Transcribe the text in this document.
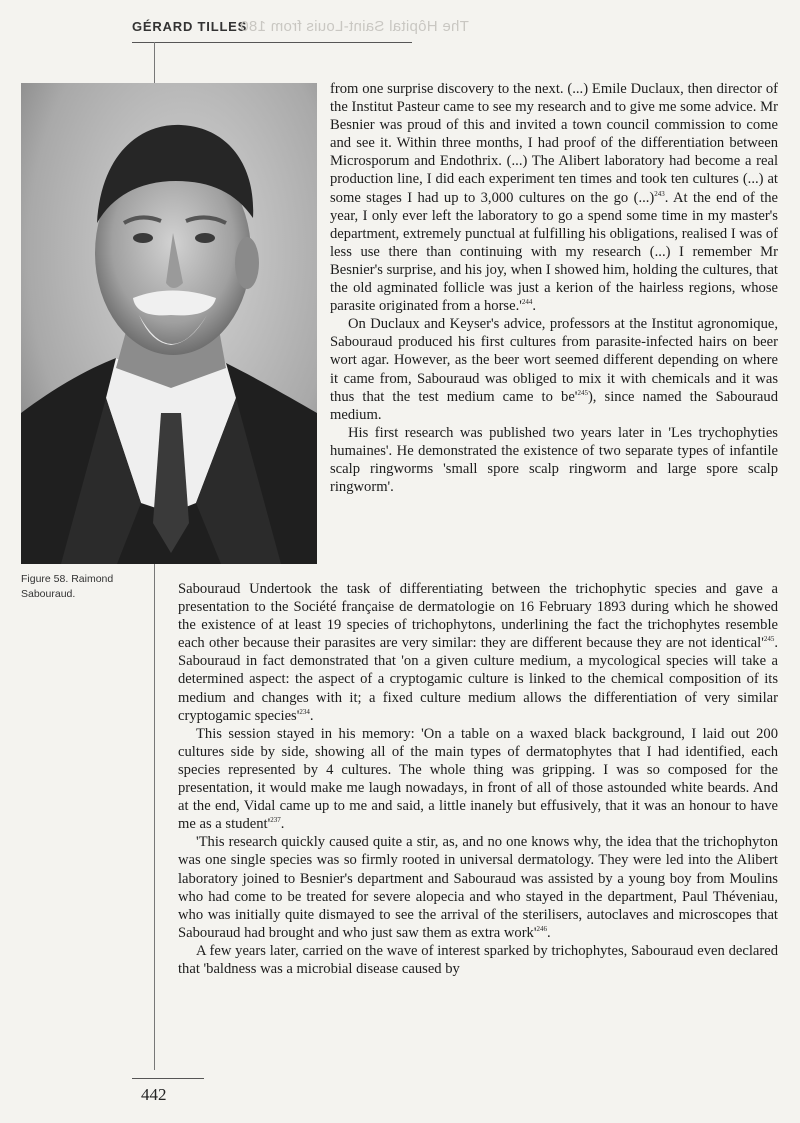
GÉRARD TILLES
The Hôpital Saint-Louis from 180
Figure 58. Raimond Sabouraud.

from one surprise discovery to the next. (...) Emile Duclaux, then director of the Institut Pasteur came to see my research and to give me some advice. Mr Besnier was proud of this and invited a town council commission to come and see it. Within three months, I had proof of the differentiation between Microsporum and Endothrix. (...) The Alibert laboratory had become a real production line, I did each experiment ten times and took ten cultures (...) at some stages I had up to 3,000 cultures on the go (...)$^{243}$. At the end of the year, I only ever left the laboratory to go a spend some time in my master's department, extremely punctual at fulfilling his obligations, realised I was of less use there than continuing with my research (...) I remember Mr Besnier's surprise, and his joy, when I showed him, holding the cultures, that the old agminated follicle was just a kerion of the hairless regions, whose parasite originated from a $horse.'^{244}$.

On Duclaux and Keyser's advice, professors at the Institut agronomique, Sabouraud produced his first cultures from parasite-infected hairs on beer wort agar. However, as the beer wort seemed different depending on where it came from, Sabouraud was obliged to mix it with chemicals and it was thus that the test medium came to $be'^{245}$), since named the Sabouraud medium.

His first research was published two years later in 'Les trychophyties humaines'. He demonstrated the existence of two separate types of infantile scalp ringworms 'small spore scalp ringworm and large spore scalp ringworm'.

Sabouraud Undertook the task of differentiating between the trichophytic species and gave a presentation to the Société française de dermatologie on 16 February 1893 during which he showed the existence of at least 19 species of trichophytons, underlining the fact the trichophytes resemble each other because their parasites are very similar: they are different because they are not $identical'^{245}$. Sabouraud in fact demonstrated that 'on a given culture medium, a mycological species will take a determined aspect: the aspect of a cryptogamic culture is linked to the chemical composition of its medium and changes with it; a fixed culture medium allows the differentiation of very similar cryptogamic $species'^{234}$.

This session stayed in his memory: 'On a table on a waxed black background, I laid out 200 cultures side by side, showing all of the main types of dermatophytes that I had identified, each species represented by 4 cultures. The whole thing was gripping. I was so composed for the presentation, it would make me laugh nowadays, in front of all of those astounded white beards. And at the end, Vidal came up to me and said, a little inanely but effusively, that it was an honour to have me as a $student'^{237}$.

'This research quickly caused quite a stir, as, and no one knows why, the idea that the trichophyton was one single species was so firmly rooted in universal dermatology. They were led into the Alibert laboratory joined to Besnier's department and Sabouraud was assisted by a young boy from Moulins who had come to be treated for severe alopecia and who stayed in the department, Paul Théveniau, who was initially quite dismayed to see the arrival of the sterilisers, autoclaves and microscopes that Sabouraud had brought and who just saw them as extra $work'^{246}$.

A few years later, carried on the wave of interest sparked by trichophytes, Sabouraud even declared that 'baldness was a microbial disease caused by

442
